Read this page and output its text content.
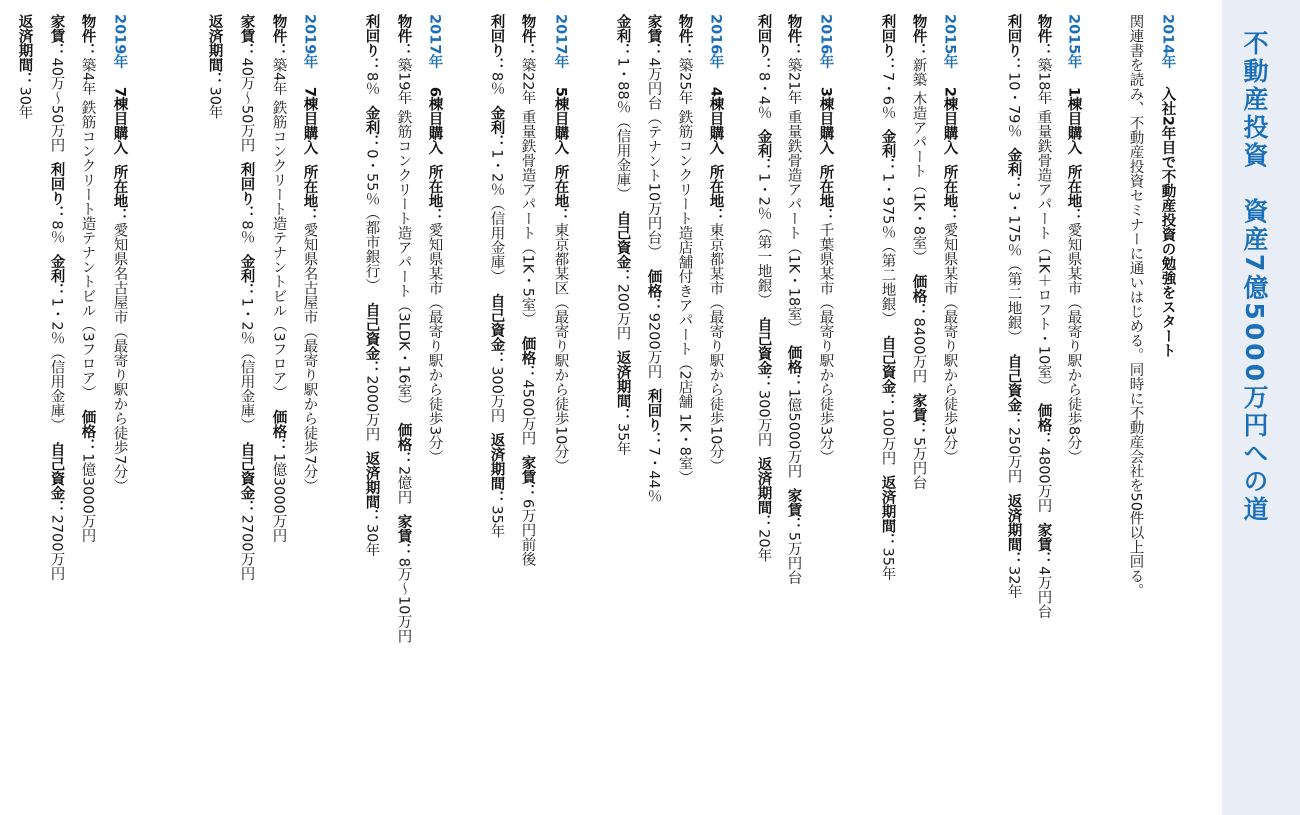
不動産投資　資産7億5000万円への道
2014年入社2年目で不動産投資の勉強をスタート
関連書を読み、不動産投資セミナーに通いはじめる。同時に不動産会社を50件以上回る。
2015年1棟目購入所在地：愛知県某市（最寄り駅から徒歩8分）
物件：築18年 重量鉄骨造アパート（1K＋ロフト・10室）価格：4800万円家賃：4万円台
利回り：10・79％金利：3・175％（第二地銀）自己資金：250万円返済期間：32年
2015年2棟目購入所在地：愛知県某市（最寄り駅から徒歩3分）
物件：新築 木造アパート（1K・8室）価格：8400万円家賃：5万円台
利回り：7・6％金利：1・975％（第二地銀）自己資金：100万円返済期間：35年
2016年3棟目購入所在地：千葉県某市（最寄り駅から徒歩3分）
物件：築21年 重量鉄骨造アパート（1K・18室）価格：1億5000万円家賃：5万円台
利回り：8・4％金利：1・2％（第一地銀）自己資金：300万円返済期間：20年
2016年4棟目購入所在地：東京都某市（最寄り駅から徒歩10分）
物件：築25年 鉄筋コンクリート造店舗付きアパート（2店舗 1K・8室）
家賃：4万円台（テナント10万円台）価格：9200万円利回り：7・44％
金利：1・88％（信用金庫）自己資金：200万円返済期間：35年
2017年5棟目購入所在地：東京都某区（最寄り駅から徒歩10分）
物件：築22年 重量鉄骨造アパート（1K・5室）価格：4500万円家賃：6万円前後
利回り：8％金利：1・2％（信用金庫）自己資金：300万円返済期間：35年
2017年6棟目購入所在地：愛知県某市（最寄り駅から徒歩3分）
物件：築19年 鉄筋コンクリート造アパート（3LDK・16室）価格：2億円家賃：8万〜10万円
利回り：8％金利：0・55％（都市銀行）自己資金：2000万円返済期間：30年
2019年7棟目購入所在地：愛知県名古屋市（最寄り駅から徒歩7分）
物件：築4年 鉄筋コンクリート造テナントビル（3フロア）価格：1億3000万円
家賃：40万〜50万円利回り：8％金利：1・2％（信用金庫）自己資金：2700万円
返済期間：30年
2019年7棟目購入所在地：愛知県名古屋市（最寄り駅から徒歩7分）
物件：築4年 鉄筋コンクリート造テナントビル（3フロア）価格：1億3000万円
家賃：40万〜50万円利回り：8％金利：1・2％（信用金庫）自己資金：2700万円
返済期間：30年
